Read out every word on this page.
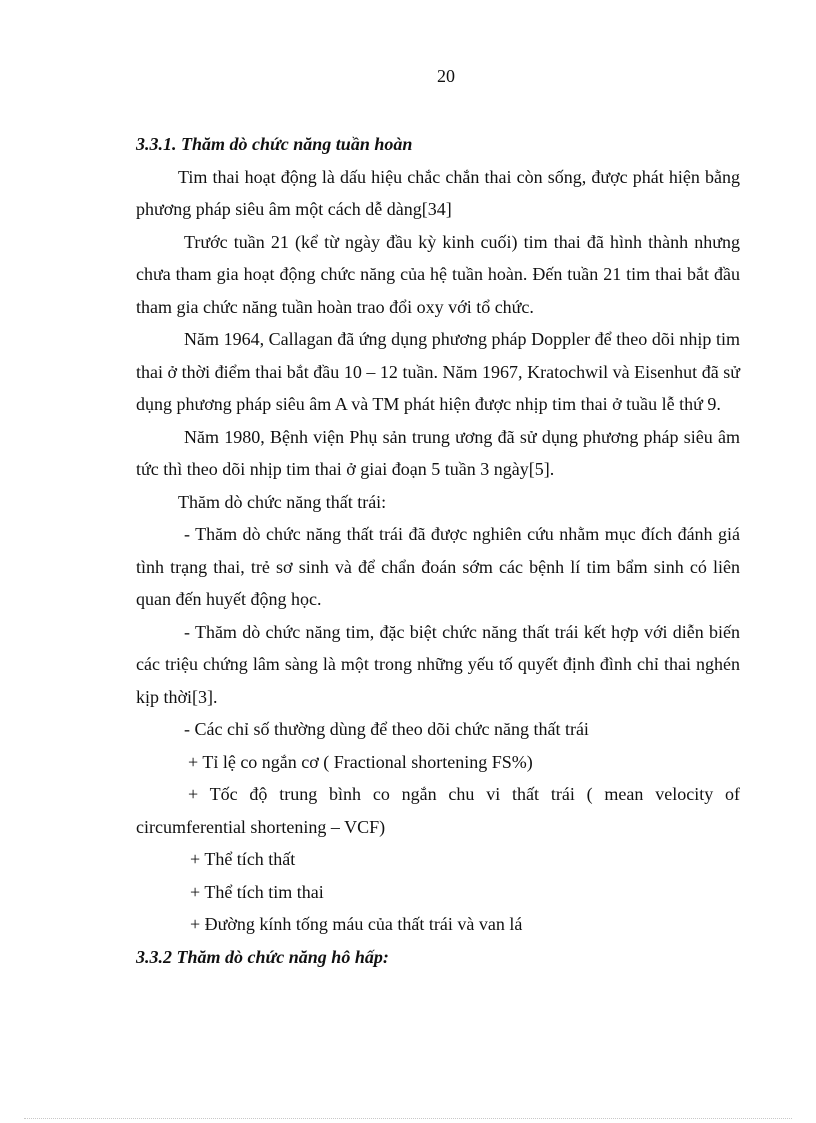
20

3.3.1. Thăm dò chức năng tuần hoàn

Tim thai hoạt động là dấu hiệu chắc chắn thai còn sống, được phát hiện bằng phương pháp siêu âm một cách dễ dàng[34]

Trước tuần 21 (kể từ ngày đầu kỳ kinh cuối) tim thai đã hình thành nhưng chưa tham gia hoạt động chức năng của hệ tuần hoàn. Đến tuần 21 tim thai bắt đầu tham gia chức năng tuần hoàn trao đổi oxy với tổ chức.

Năm 1964, Callagan đã ứng dụng phương pháp Doppler để theo dõi nhịp tim thai ở thời điểm thai bắt đầu 10 – 12 tuần. Năm 1967, Kratochwil và Eisenhut đã sử dụng phương pháp siêu âm A và TM phát hiện được nhịp tim thai ở tuầu lễ thứ 9.

Năm 1980, Bệnh viện Phụ sản trung ương đã sử dụng phương pháp siêu âm tức thì theo dõi nhịp tim thai ở giai đoạn 5 tuần 3 ngày[5].

Thăm dò chức năng thất trái:

- Thăm dò chức năng thất trái đã được nghiên cứu nhằm mục đích đánh giá tình trạng thai, trẻ sơ sinh và để chẩn đoán sớm các bệnh lí tim bẩm sinh có liên quan đến huyết động học.

- Thăm dò chức năng tim, đặc biệt chức năng thất trái kết hợp với diễn biến các triệu chứng lâm sàng là một trong những yếu tố quyết định đình chỉ thai nghén kịp thời[3].

- Các chỉ số thường dùng để theo dõi chức năng thất trái

+ Tỉ lệ co ngắn cơ ( Fractional shortening FS%)

+ Tốc độ trung bình co ngắn chu vi thất trái ( mean velocity of circumferential shortening – VCF)

+ Thể tích thất

+ Thể tích tim thai

+ Đường kính tống máu của thất trái và van lá

3.3.2 Thăm dò chức năng hô hấp:
